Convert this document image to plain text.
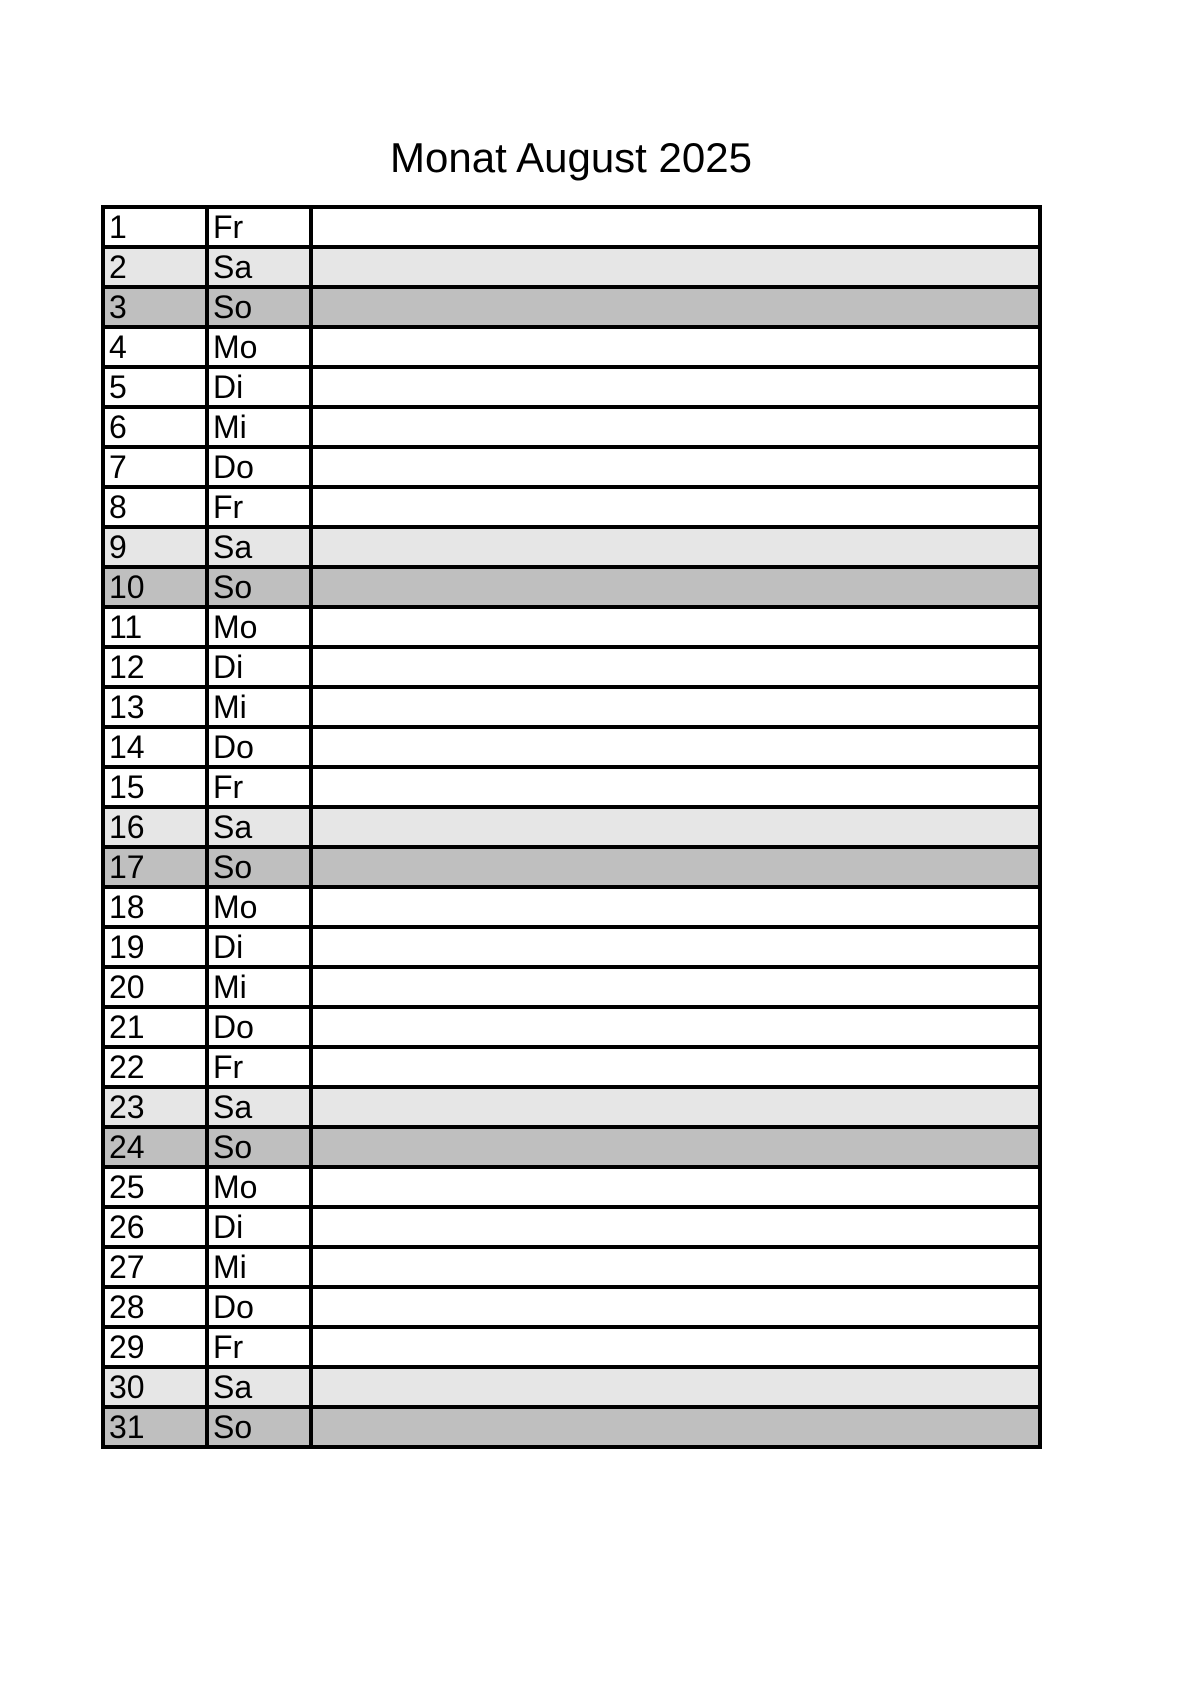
Monat August 2025
1	Fr	
2	Sa	
3	So	
4	Mo	
5	Di	
6	Mi	
7	Do	
8	Fr	
9	Sa	
10	So	
11	Mo	
12	Di	
13	Mi	
14	Do	
15	Fr	
16	Sa	
17	So	
18	Mo	
19	Di	
20	Mi	
21	Do	
22	Fr	
23	Sa	
24	So	
25	Mo	
26	Di	
27	Mi	
28	Do	
29	Fr	
30	Sa	
31	So	
